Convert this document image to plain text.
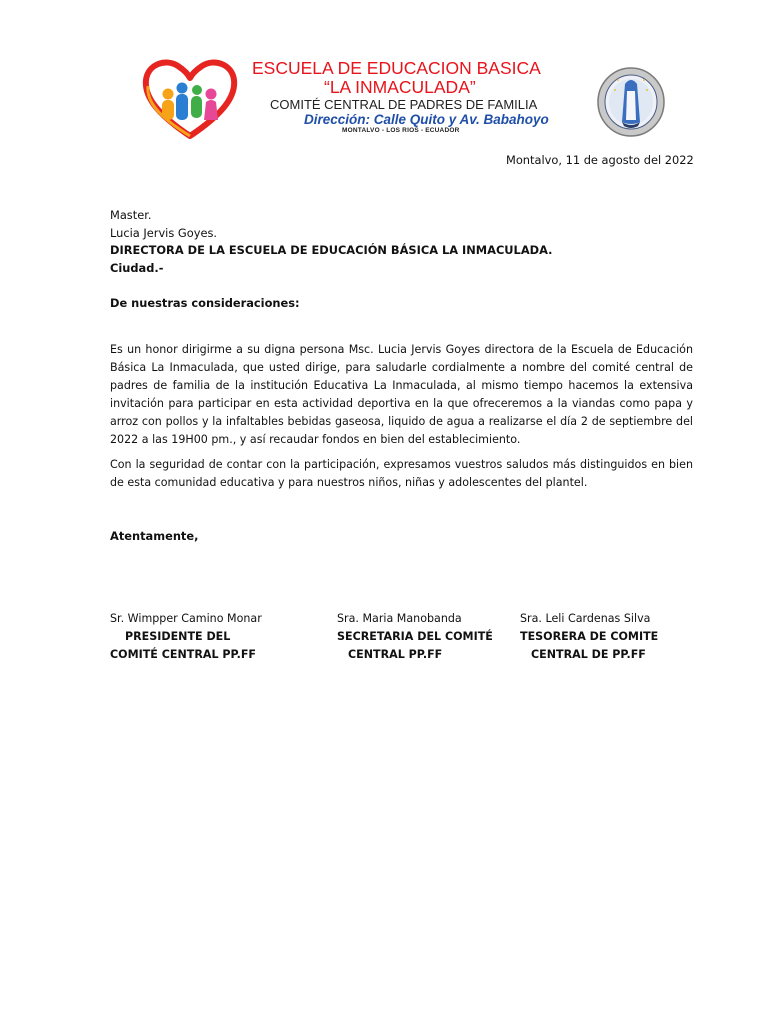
ESCUELA DE EDUCACION BASICA
“LA INMACULADA”
COMITÉ CENTRAL DE PADRES DE FAMILIA
Dirección: Calle Quito y Av. Babahoyo
MONTALVO - LOS RIOS - ECUADOR
Montalvo, 11 de agosto del 2022
Master.
Lucia Jervis Goyes.
DIRECTORA DE LA ESCUELA DE EDUCACIÓN BÁSICA LA INMACULADA.
Ciudad.-
De nuestras consideraciones:
Es un honor dirigirme a su digna persona Msc. Lucia Jervis Goyes directora de la Escuela de Educación Básica La Inmaculada, que usted dirige, para saludarle cordialmente a nombre del comité central de padres de familia de la institución Educativa La Inmaculada, al mismo tiempo hacemos la extensiva invitación para participar en esta actividad deportiva en la que ofreceremos a la viandas como papa y arroz con pollos y la infaltables bebidas gaseosa, liquido de agua a realizarse el día 2 de septiembre del 2022 a las 19H00 pm., y así recaudar fondos en bien del establecimiento.
Con la seguridad de contar con la participación, expresamos vuestros saludos más distinguidos en bien de esta comunidad educativa y para nuestros niños, niñas y adolescentes del plantel.
Atentamente,
Sr. Wimpper Camino Monar
PRESIDENTE DEL
COMITÉ CENTRAL PP.FF
Sra. Maria Manobanda
SECRETARIA DEL COMITÉ
CENTRAL PP.FF
Sra. Leli Cardenas Silva
TESORERA DE COMITE
CENTRAL DE PP.FF
